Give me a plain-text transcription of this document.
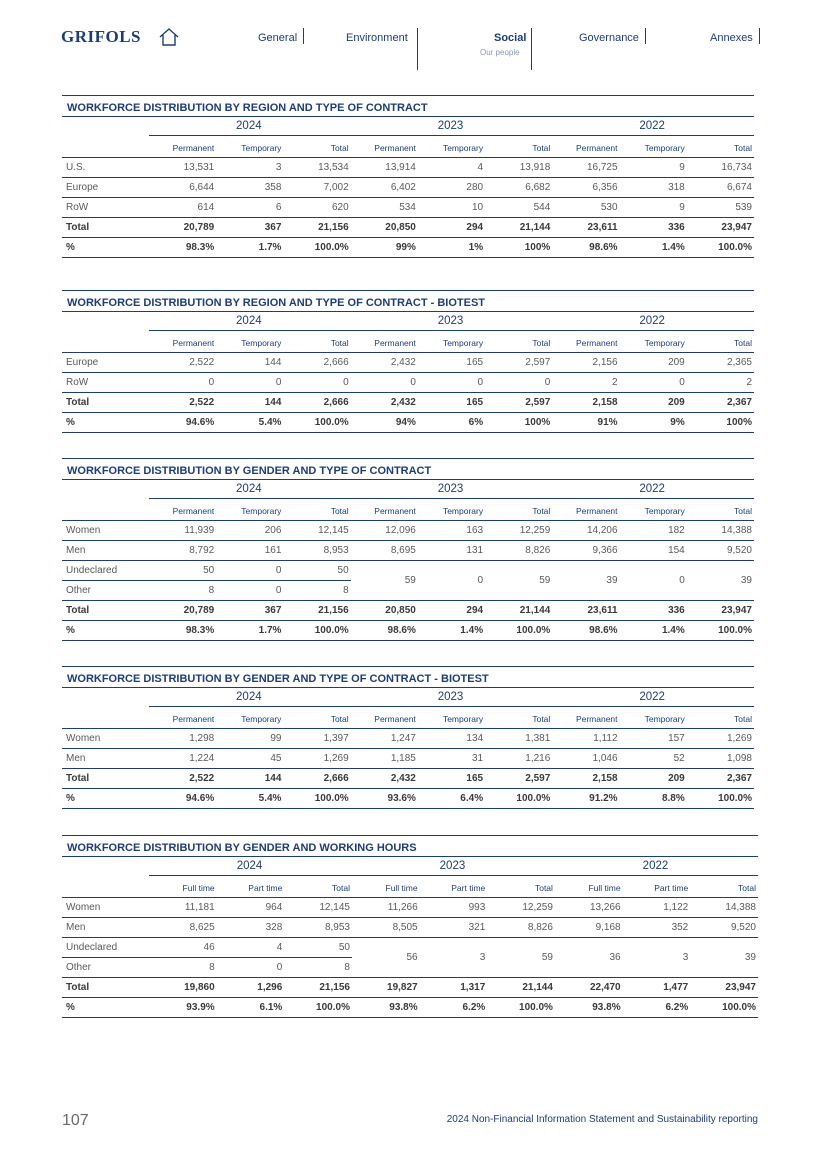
GRIFOLS	General	Environment	Social
Our people
Governance	Annexes
WORKFORCE DISTRIBUTION BY REGION AND TYPE OF CONTRACT
	2024			2023			2022		
	Permanent	Temporary	Total	Permanent	Temporary	Total	Permanent	Temporary	Total
U.S.	13,531	3	13,534	13,914	4	13,918	16,725	9	16,734
Europe	6,644	358	7,002	6,402	280	6,682	6,356	318	6,674
RoW	614	6	620	534	10	544	530	9	539
Total	20,789	367	21,156	20,850	294	21,144	23,611	336	23,947
%	98.3%	1.7%	100.0%	99%	1%	100%	98.6%	1.4%	100.0%
WORKFORCE DISTRIBUTION BY REGION AND TYPE OF CONTRACT - BIOTEST
	2024			2023			2022		
	Permanent	Temporary	Total	Permanent	Temporary	Total	Permanent	Temporary	Total
Europe	2,522	144	2,666	2,432	165	2,597	2,156	209	2,365
RoW	0	0	0	0	0	0	2	0	2
Total	2,522	144	2,666	2,432	165	2,597	2,158	209	2,367
%	94.6%	5.4%	100.0%	94%	6%	100%	91%	9%	100%
WORKFORCE DISTRIBUTION BY GENDER AND TYPE OF CONTRACT
	2024			2023			2022		
	Permanent	Temporary	Total	Permanent	Temporary	Total	Permanent	Temporary	Total
Women	11,939	206	12,145	12,096	163	12,259	14,206	182	14,388
Men	8,792	161	8,953	8,695	131	8,826	9,366	154	9,520
Undeclared	50	0	50	59	0	59	39	0	39
Other	8	0	8						
Total	20,789	367	21,156	20,850	294	21,144	23,611	336	23,947
%	98.3%	1.7%	100.0%	98.6%	1.4%	100.0%	98.6%	1.4%	100.0%
WORKFORCE DISTRIBUTION BY GENDER AND TYPE OF CONTRACT - BIOTEST
	2024			2023			2022		
	Permanent	Temporary	Total	Permanent	Temporary	Total	Permanent	Temporary	Total
Women	1,298	99	1,397	1,247	134	1,381	1,112	157	1,269
Men	1,224	45	1,269	1,185	31	1,216	1,046	52	1,098
Total	2,522	144	2,666	2,432	165	2,597	2,158	209	2,367
%	94.6%	5.4%	100.0%	93.6%	6.4%	100.0%	91.2%	8.8%	100.0%
WORKFORCE DISTRIBUTION BY GENDER AND WORKING HOURS
	2024			2023			2022		
	Full time	Part time	Total	Full time	Part time	Total	Full time	Part time	Total
Women	11,181	964	12,145	11,266	993	12,259	13,266	1,122	14,388
Men	8,625	328	8,953	8,505	321	8,826	9,168	352	9,520
Undeclared	46	4	50	56	3	59	36	3	39
Other	8	0	8						
Total	19,860	1,296	21,156	19,827	1,317	21,144	22,470	1,477	23,947
%	93.9%	6.1%	100.0%	93.8%	6.2%	100.0%	93.8%	6.2%	100.0%
107	2024 Non-Financial Information Statement and Sustainability reporting
